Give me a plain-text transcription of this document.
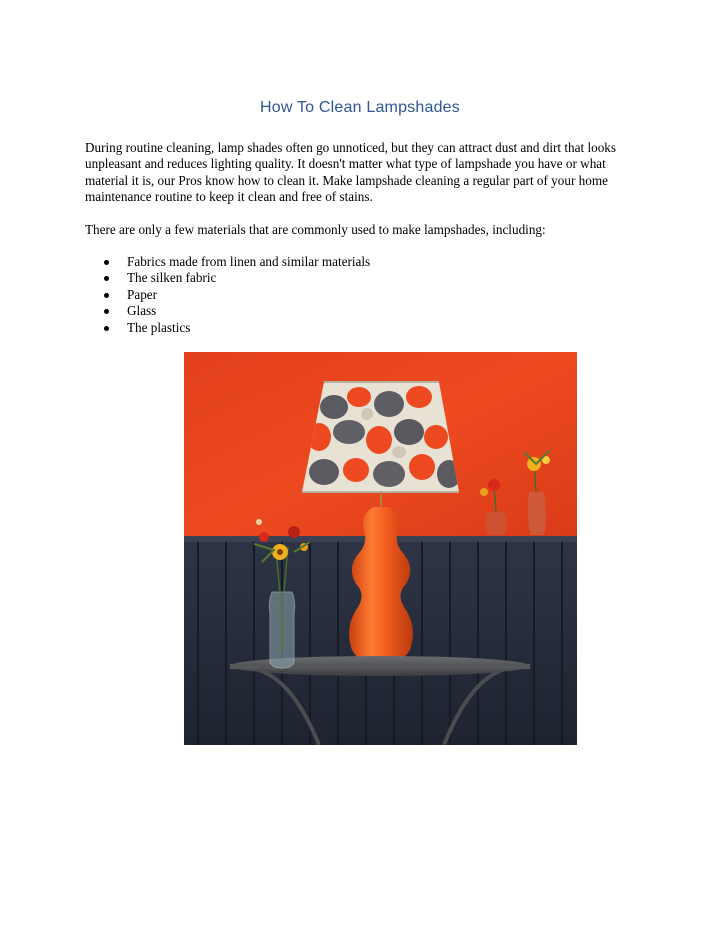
How To Clean Lampshades

During routine cleaning, lamp shades often go unnoticed, but they can attract dust and dirt that looks unpleasant and reduces lighting quality. It doesn't matter what type of lampshade you have or what material it is, our Pros know how to clean it. Make lampshade cleaning a regular part of your home maintenance routine to keep it clean and free of stains.

There are only a few materials that are commonly used to make lampshades, including:

Fabrics made from linen and similar materials
The silken fabric
Paper
Glass
The plastics
